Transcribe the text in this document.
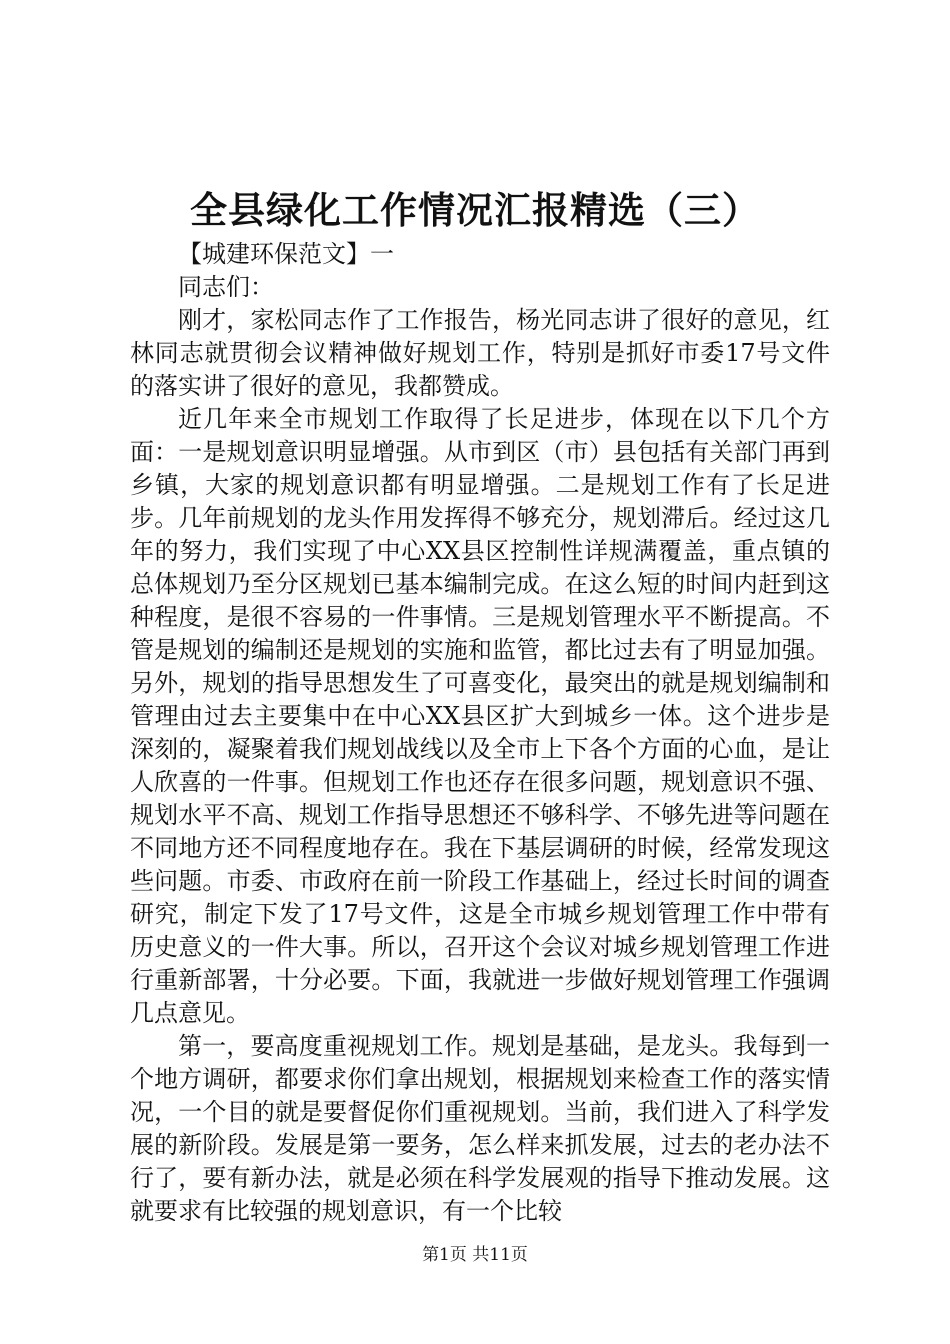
全县绿化工作情况汇报精选（三）

【城建环保范文】一

同志们：

刚才，家松同志作了工作报告，杨光同志讲了很好的意见，红林同志就贯彻会议精神做好规划工作，特别是抓好市委17号文件的落实讲了很好的意见，我都赞成。

近几年来全市规划工作取得了长足进步，体现在以下几个方面：一是规划意识明显增强。从市到区（市）县包括有关部门再到乡镇，大家的规划意识都有明显增强。二是规划工作有了长足进步。几年前规划的龙头作用发挥得不够充分，规划滞后。经过这几年的努力，我们实现了中心XX县区控制性详规满覆盖，重点镇的总体规划乃至分区规划已基本编制完成。在这么短的时间内赶到这种程度，是很不容易的一件事情。三是规划管理水平不断提高。不管是规划的编制还是规划的实施和监管，都比过去有了明显加强。另外，规划的指导思想发生了可喜变化，最突出的就是规划编制和管理由过去主要集中在中心XX县区扩大到城乡一体。这个进步是深刻的，凝聚着我们规划战线以及全市上下各个方面的心血，是让人欣喜的一件事。但规划工作也还存在很多问题，规划意识不强、规划水平不高、规划工作指导思想还不够科学、不够先进等问题在不同地方还不同程度地存在。我在下基层调研的时候，经常发现这些问题。市委、市政府在前一阶段工作基础上，经过长时间的调查研究，制定下发了17号文件，这是全市城乡规划管理工作中带有历史意义的一件大事。所以，召开这个会议对城乡规划管理工作进行重新部署，十分必要。下面，我就进一步做好规划管理工作强调几点意见。

第一，要高度重视规划工作。规划是基础，是龙头。我每到一个地方调研，都要求你们拿出规划，根据规划来检查工作的落实情况，一个目的就是要督促你们重视规划。当前，我们进入了科学发展的新阶段。发展是第一要务，怎么样来抓发展，过去的老办法不行了，要有新办法，就是必须在科学发展观的指导下推动发展。这就要求有比较强的规划意识，有一个比较

第1页 共11页
